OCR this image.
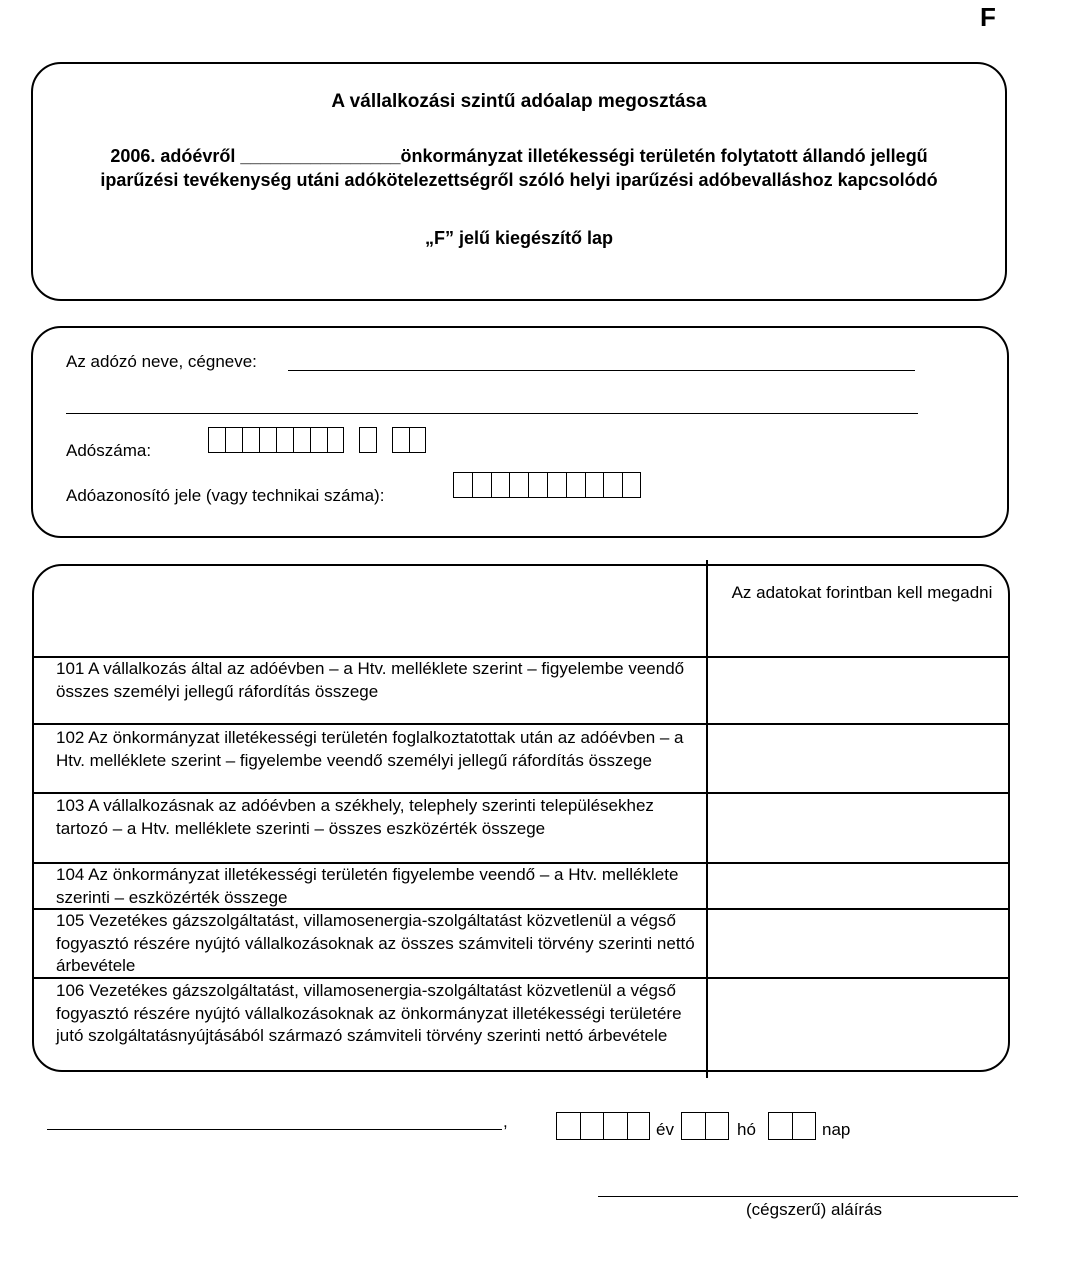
F
A vállalkozási szintű adóalap megosztása
2006. adóévről ________________önkormányzat illetékességi területén folytatott állandó jellegű iparűzési tevékenység utáni adókötelezettségről szóló helyi iparűzési adóbevalláshoz kapcsolódó
„F” jelű kiegészítő lap
Az adózó neve, cégneve:
Adószáma:
Adóazonosító jele (vagy technikai száma):
Az adatokat forintban kell megadni
101 A vállalkozás által az adóévben – a Htv. melléklete szerint – figyelembe veendő összes személyi jellegű ráfordítás összege
102 Az önkormányzat illetékességi területén foglalkoztatottak után az adóévben – a Htv. melléklete szerint – figyelembe veendő személyi jellegű ráfordítás összege
103 A vállalkozásnak az adóévben a székhely, telephely szerinti településekhez tartozó – a Htv. melléklete szerinti – összes eszközérték összege
104 Az önkormányzat illetékességi területén figyelembe veendő – a Htv. melléklete szerinti – eszközérték összege
105 Vezetékes gázszolgáltatást, villamosenergia-szolgáltatást közvetlenül a végső fogyasztó részére nyújtó vállalkozásoknak az összes számviteli törvény szerinti nettó árbevétele
106 Vezetékes gázszolgáltatást, villamosenergia-szolgáltatást közvetlenül a végső fogyasztó részére nyújtó vállalkozásoknak az önkormányzat illetékességi területére jutó szolgáltatásnyújtásából származó számviteli törvény szerinti nettó árbevétele
,	év	hó	nap
(cégszerű) aláírás
